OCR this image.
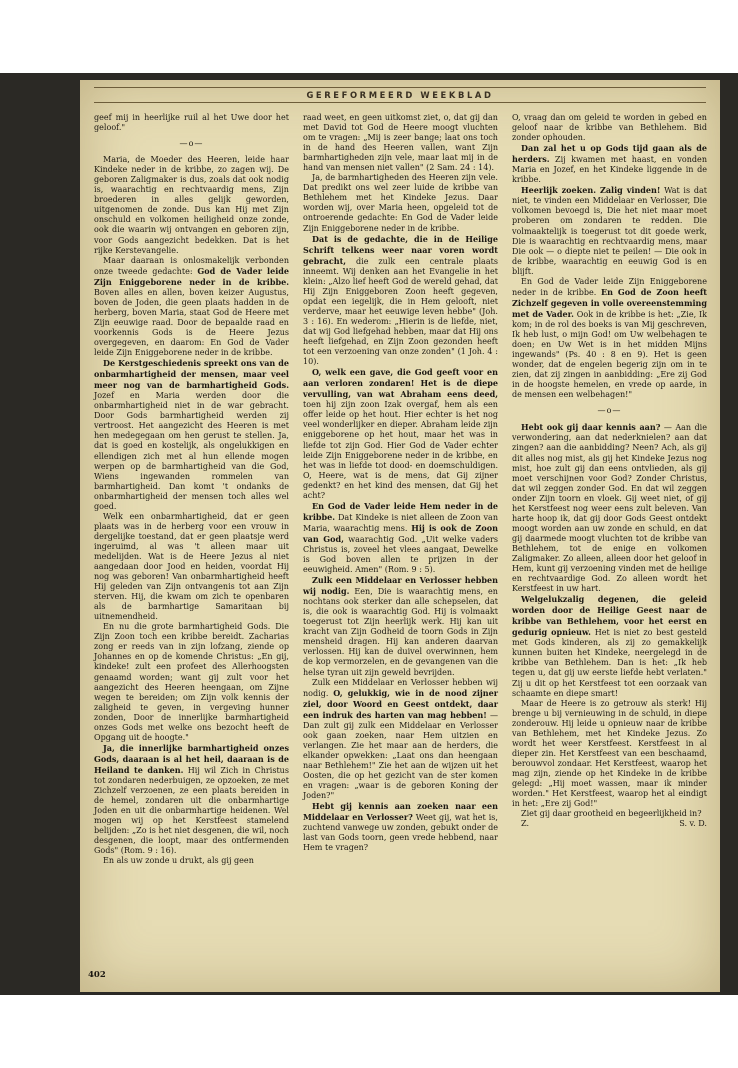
GEREFORMEERD WEEKBLAD

geef mij in heerlijke ruil al het Uwe door het geloof."

—o—

Maria, de Moeder des Heeren, leide haar Kindeke neder in de kribbe, zo zagen wij. De geboren Zaligmaker is dus, zoals dat ook nodig is, waarachtig en rechtvaardig mens, Zijn broederen in alles gelijk geworden, uitgenomen de zonde. Dus kan Hij met Zijn onschuld en volkomen heiligheid onze zonde, ook die waarin wij ontvangen en geboren zijn, voor Gods aangezicht bedekken. Dat is het rijke Kerstevangelie.

Maar daaraan is onlosmakelijk verbonden onze tweede gedachte: God de Vader leide Zijn Eniggeborene neder in de kribbe. Boven alles en allen, boven keizer Augustus, boven de Joden, die geen plaats hadden in de herberg, boven Maria, staat God de Heere met Zijn eeuwige raad. Door de bepaalde raad en voorkennis Gods is de Heere Jezus overgegeven, en daarom: En God de Vader leide Zijn Eniggeborene neder in de kribbe.

De Kerstgeschiedenis spreekt ons van de onbarmhartigheid der mensen, maar veel meer nog van de barmhartigheid Gods. Jozef en Maria werden door die onbarmhartigheid niet in de war gebracht. Door Gods barmhartigheid werden zij vertroost. Het aangezicht des Heeren is met hen medegegaan om hen gerust te stellen. Ja, dat is goed en kostelijk, als ongelukkigen en ellendigen zich met al hun ellende mogen werpen op de barmhartigheid van die God, Wiens ingewanden rommelen van barmhartigheid. Dan komt 't ondanks de onbarmhartigheid der mensen toch alles wel goed.

Welk een onbarmhartigheid, dat er geen plaats was in de herberg voor een vrouw in dergelijke toestand, dat er geen plaatsje werd ingeruimd, al was 't alleen maar uit medelijden. Wat is de Heere Jezus al niet aangedaan door Jood en heiden, voordat Hij nog was geboren! Van onbarmhartigheid heeft Hij geleden van Zijn ontvangenis tot aan Zijn sterven. Hij, die kwam om zich te openbaren als de barmhartige Samaritaan bij uitnemendheid.

En nu die grote barmhartigheid Gods. Die Zijn Zoon toch een kribbe bereidt. Zacharias zong er reeds van in zijn lofzang, ziende op Johannes en op de komende Christus: „En gij, kindeke! zult een profeet des Allerhoogsten genaamd worden; want gij zult voor het aangezicht des Heeren heengaan, om Zijne wegen te bereiden; om Zijn volk kennis der zaligheid te geven, in vergeving hunner zonden, Door de innerlijke barmhartigheid onzes Gods met welke ons bezocht heeft de Opgang uit de hoogte."

Ja, die innerlijke barmhartigheid onzes Gods, daaraan is al het heil, daaraan is de Heiland te danken. Hij wil Zich in Christus tot zondaren nederbuigen, ze opzoeken, ze met Zichzelf verzoenen, ze een plaats bereiden in de hemel, zondaren uit die onbarmhartige Joden en uit die onbarmhartige heidenen. Wel mogen wij op het Kerstfeest stamelend belijden: „Zo is het niet desgenen, die wil, noch desgenen, die loopt, maar des ontfermenden Gods" (Rom. 9 : 16).

En als uw zonde u drukt, als gij geen

raad weet, en geen uitkomst ziet, o, dat gij dan met David tot God de Heere moogt vluchten om te vragen: „Mij is zeer bange; laat ons toch in de hand des Heeren vallen, want Zijn barmhartigheden zijn vele, maar laat mij in de hand van mensen niet vallen" (2 Sam. 24 : 14).

Ja, de barmhartigheden des Heeren zijn vele. Dat predikt ons wel zeer luide de kribbe van Bethlehem met het Kindeke Jezus. Daar worden wij, over Maria heen, opgeleid tot de ontroerende gedachte: En God de Vader leide Zijn Eniggeborene neder in de kribbe.

Dat is de gedachte, die in de Heilige Schrift telkens weer naar voren wordt gebracht, die zulk een centrale plaats inneemt. Wij denken aan het Evangelie in het klein: „Alzo lief heeft God de wereld gehad, dat Hij Zijn Eniggeboren Zoon heeft gegeven, opdat een iegelijk, die in Hem gelooft, niet verderve, maar het eeuwige leven hebbe" (Joh. 3 : 16). En wederom: „Hierin is de liefde, niet, dat wij God liefgehad hebben, maar dat Hij ons heeft liefgehad, en Zijn Zoon gezonden heeft tot een verzoening van onze zonden" (1 Joh. 4 : 10).

O, welk een gave, die God geeft voor en aan verloren zondaren! Het is de diepe vervulling, van wat Abraham eens deed, toen hij zijn zoon Izak overgaf, hem als een offer leide op het hout. Hier echter is het nog veel wonderlijker en dieper. Abraham leide zijn eniggeborene op het hout, maar het was in liefde tot zijn God. Hier God de Vader echter leide Zijn Eniggeborene neder in de kribbe, en het was in liefde tot dood- en doemschuldigen. O, Heere, wat is de mens, dat Gij zijner gedenkt? en het kind des mensen, dat Gij het acht?

En God de Vader leide Hem neder in de kribbe. Dat Kindeke is niet alleen de Zoon van Maria, waarachtig mens. Hij is ook de Zoon van God, waarachtig God. „Uit welke vaders Christus is, zoveel het vlees aangaat, Dewelke is God boven allen te prijzen in der eeuwigheid. Amen" (Rom. 9 : 5).

Zulk een Middelaar en Verlosser hebben wij nodig. Een, Die is waarachtig mens, en nochtans ook sterker dan alle schepselen, dat is, die ook is waarachtig God. Hij is volmaakt toegerust tot Zijn heerlijk werk. Hij kan uit kracht van Zijn Godheid de toorn Gods in Zijn mensheid dragen. Hij kan anderen daarvan verlossen. Hij kan de duivel overwinnen, hem de kop vermorzelen, en de gevangenen van die helse tyran uit zijn geweld bevrijden.

Zulk een Middelaar en Verlosser hebben wij nodig. O, gelukkig, wie in de nood zijner ziel, door Woord en Geest ontdekt, daar een indruk des harten van mag hebben! — Dan zult gij zulk een Middelaar en Verlosser ook gaan zoeken, naar Hem uitzien en verlangen. Zie het maar aan de herders, die elkander opwekken: „Laat ons dan heengaan naar Bethlehem!" Zie het aan de wijzen uit het Oosten, die op het gezicht van de ster komen en vragen: „waar is de geboren Koning der Joden?"

Hebt gij kennis aan zoeken naar een Middelaar en Verlosser? Weet gij, wat het is, zuchtend vanwege uw zonden, gebukt onder de last van Gods toorn, geen vrede hebbend, naar Hem te vragen?

O, vraag dan om geleid te worden in gebed en geloof naar de kribbe van Bethlehem. Bid zonder ophouden.

Dan zal het u op Gods tijd gaan als de herders. Zij kwamen met haast, en vonden Maria en Jozef, en het Kindeke liggende in de kribbe.

Heerlijk zoeken. Zalig vinden! Wat is dat niet, te vinden een Middelaar en Verlosser, Die volkomen bevoegd is, Die het niet maar moet proberen om zondaren te redden. Die volmaaktelijk is toegerust tot dit goede werk, Die is waarachtig en rechtvaardig mens, maar Die ook — o diepte niet te peilen! — Die ook in de kribbe, waarachtig en eeuwig God is en blijft.

En God de Vader leide Zijn Eniggeborene neder in de kribbe. En God de Zoon heeft Zichzelf gegeven in volle overeenstemming met de Vader. Ook in de kribbe is het: „Zie, Ik kom; in de rol des boeks is van Mij geschreven, Ik heb lust, o mijn God! om Uw welbehagen te doen; en Uw Wet is in het midden Mijns ingewands" (Ps. 40 : 8 en 9). Het is geen wonder, dat de engelen begerig zijn om in te zien, dat zij zingen in aanbidding: „Ere zij God in de hoogste hemelen, en vrede op aarde, in de mensen een welbehagen!"

—o—

Hebt ook gij daar kennis aan? — Aan die verwondering, aan dat nederknielen? aan dat zingen? aan die aanbidding? Neen? Ach, als gij dit alles nog mist, als gij het Kindeke Jezus nog mist, hoe zult gij dan eens ontvlieden, als gij moet verschijnen voor God? Zonder Christus, dat wil zeggen zonder God. En dat wil zeggen onder Zijn toorn en vloek. Gij weet niet, of gij het Kerstfeest nog weer eens zult beleven. Van harte hoop ik, dat gij door Gods Geest ontdekt moogt worden aan uw zonde en schuld, en dat gij daarmede moogt vluchten tot de kribbe van Bethlehem, tot de enige en volkomen Zaligmaker. Zo alleen, alleen door het geloof in Hem, kunt gij verzoening vinden met de heilige en rechtvaardige God. Zo alleen wordt het Kerstfeest in uw hart.

Welgelukzalig degenen, die geleid worden door de Heilige Geest naar de kribbe van Bethlehem, voor het eerst en gedurig opnieuw. Het is niet zo best gesteld met Gods kinderen, als zij zo gemakkelijk kunnen buiten het Kindeke, neergelegd in de kribbe van Bethlehem. Dan is het: „Ik heb tegen u, dat gij uw eerste liefde hebt verlaten." Zij u dit op het Kerstfeest tot een oorzaak van schaamte en diepe smart!

Maar de Heere is zo getrouw als sterk! Hij brenge u bij vernieuwing in de schuld, in diepe zonderouw. Hij leide u opnieuw naar de kribbe van Bethlehem, met het Kindeke Jezus. Zo wordt het weer Kerstfeest. Kerstfeest in al dieper zin. Het Kerstfeest van een beschaamd, berouwvol zondaar. Het Kerstfeest, waarop het mag zijn, ziende op het Kindeke in de kribbe gelegd: „Hij moet wassen, maar ik minder worden." Het Kerstfeest, waarop het al eindigt in het: „Ere zij God!"

Ziet gij daar grootheid en begeerlijkheid in?

Z.	S. v. D.

402
